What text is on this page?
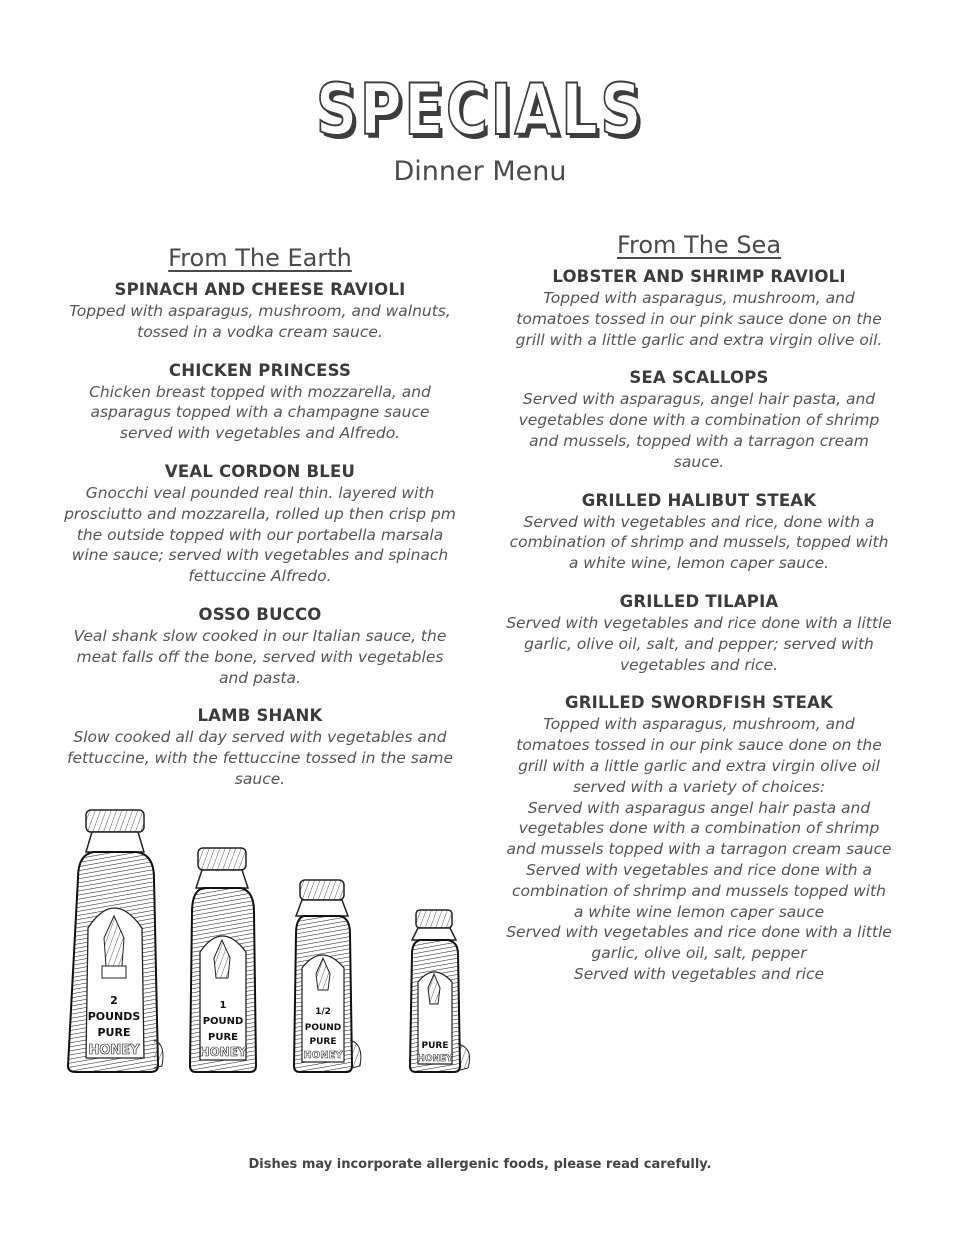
SPECIALS
Dinner Menu
From The Earth
SPINACH AND CHEESE RAVIOLI
Topped with asparagus, mushroom, and walnuts, tossed in a vodka cream sauce.
CHICKEN PRINCESS
Chicken breast topped with mozzarella, and asparagus topped with a champagne sauce served with vegetables and Alfredo.
VEAL CORDON BLEU
Gnocchi veal pounded real thin. layered with prosciutto and mozzarella, rolled up then crisp pm the outside topped with our portabella marsala wine sauce; served with vegetables and spinach fettuccine Alfredo.
OSSO BUCCO
Veal shank slow cooked in our Italian sauce, the meat falls off the bone, served with vegetables and pasta.
LAMB SHANK
Slow cooked all day served with vegetables and fettuccine, with the fettuccine tossed in the same sauce.
From The Sea
LOBSTER AND SHRIMP RAVIOLI
Topped with asparagus, mushroom, and tomatoes tossed in our pink sauce done on the grill with a little garlic and extra virgin olive oil.
SEA SCALLOPS
Served with asparagus, angel hair pasta, and vegetables done with a combination of shrimp and mussels, topped with a tarragon cream sauce.
GRILLED HALIBUT STEAK
Served with vegetables and rice, done with a combination of shrimp and mussels, topped with a white wine, lemon caper sauce.
GRILLED TILAPIA
Served with vegetables and rice done with a little garlic, olive oil, salt, and pepper; served with vegetables and rice.
GRILLED SWORDFISH STEAK
Topped with asparagus, mushroom, and tomatoes tossed in our pink sauce done on the grill with a little garlic and extra virgin olive oil served with a variety of choices:
Served with asparagus angel hair pasta and vegetables done with a combination of shrimp and mussels topped with a tarragon cream sauce
Served with vegetables and rice done with a combination of shrimp and mussels topped with a white wine lemon caper sauce
Served with vegetables and rice done with a little garlic, olive oil, salt, pepper
Served with vegetables and rice
2
POUNDS
PURE
HONEY
1
POUND
PURE
HONEY
1/2
POUND
PURE
HONEY
PURE
HONEY
Dishes may incorporate allergenic foods, please read carefully.
